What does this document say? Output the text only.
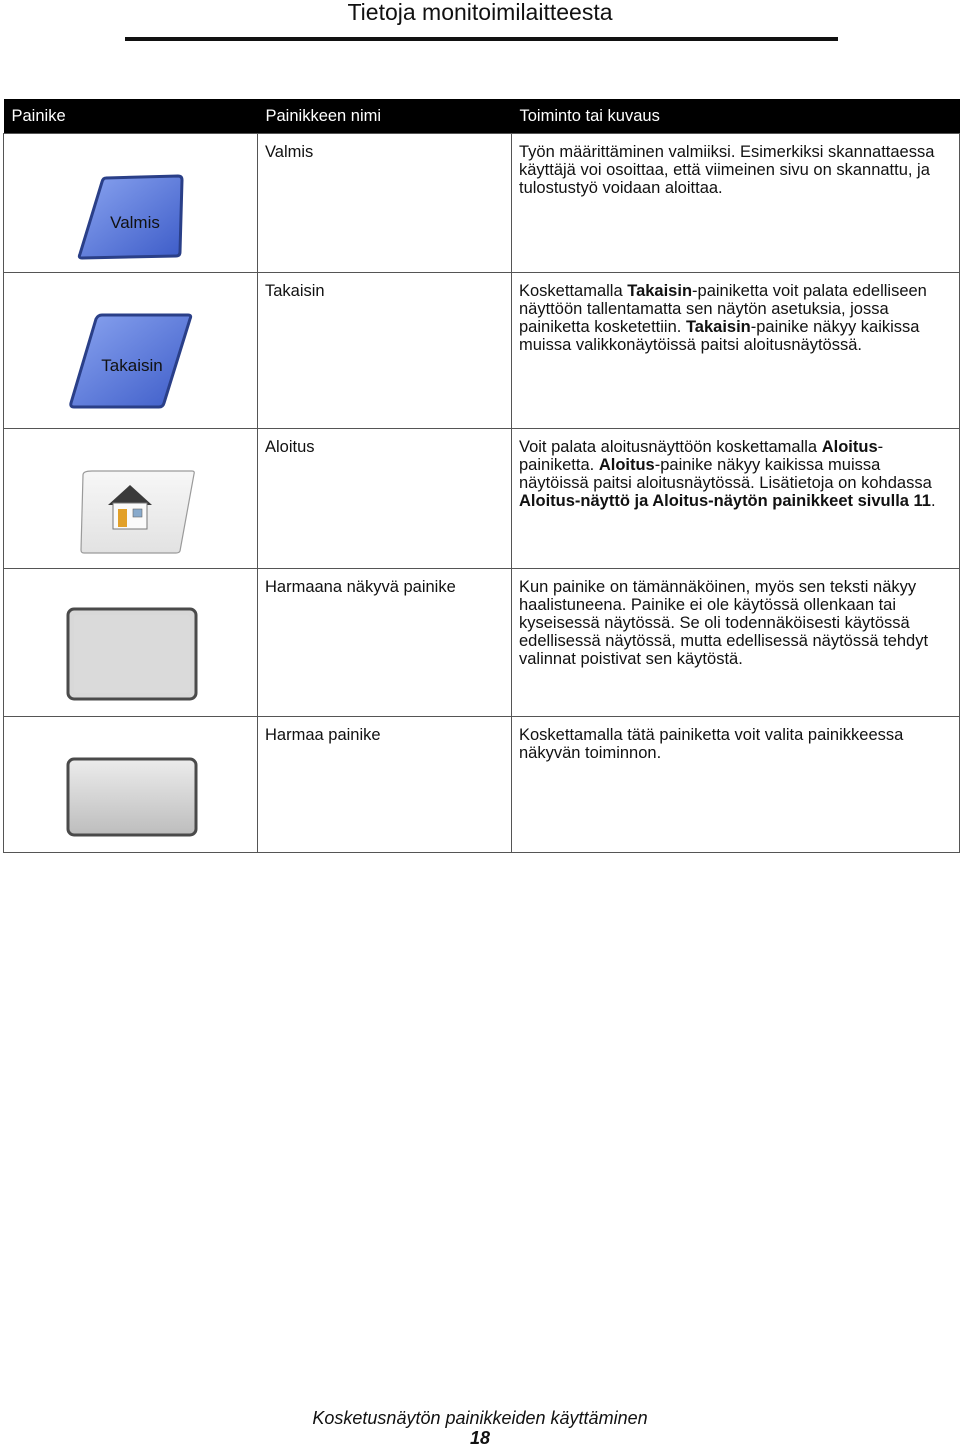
Tietoja monitoimilaitteesta
Painike	Painikkeen nimi	Toiminto tai kuvaus

Valmis	Valmis	Työn määrittäminen valmiiksi. Esimerkiksi skannattaessa käyttäjä voi osoittaa, että viimeinen sivu on skannattu, ja tulostustyö voidaan aloittaa.

Takaisin	Takaisin	Koskettamalla Takaisin-painiketta voit palata edelliseen näyttöön tallentamatta sen näytön asetuksia, jossa painiketta kosketettiin. Takaisin-painike näkyy kaikissa muissa valikkonäytöissä paitsi aloitusnäytössä.

	Aloitus	Voit palata aloitusnäyttöön koskettamalla Aloitus-painiketta. Aloitus-painike näkyy kaikissa muissa näytöissä paitsi aloitusnäytössä. Lisätietoja on kohdassa Aloitus-näyttö ja Aloitus-näytön painikkeet sivulla 11.

	Harmaana näkyvä painike	Kun painike on tämännäköinen, myös sen teksti näkyy haalistuneena. Painike ei ole käytössä ollenkaan tai kyseisessä näytössä. Se oli todennäköisesti käytössä edellisessä näytössä, mutta edellisessä näytössä tehdyt valinnat poistivat sen käytöstä.

	Harmaa painike	Koskettamalla tätä painiketta voit valita painikkeessa näkyvän toiminnon.
Kosketusnäytön painikkeiden käyttäminen
18
